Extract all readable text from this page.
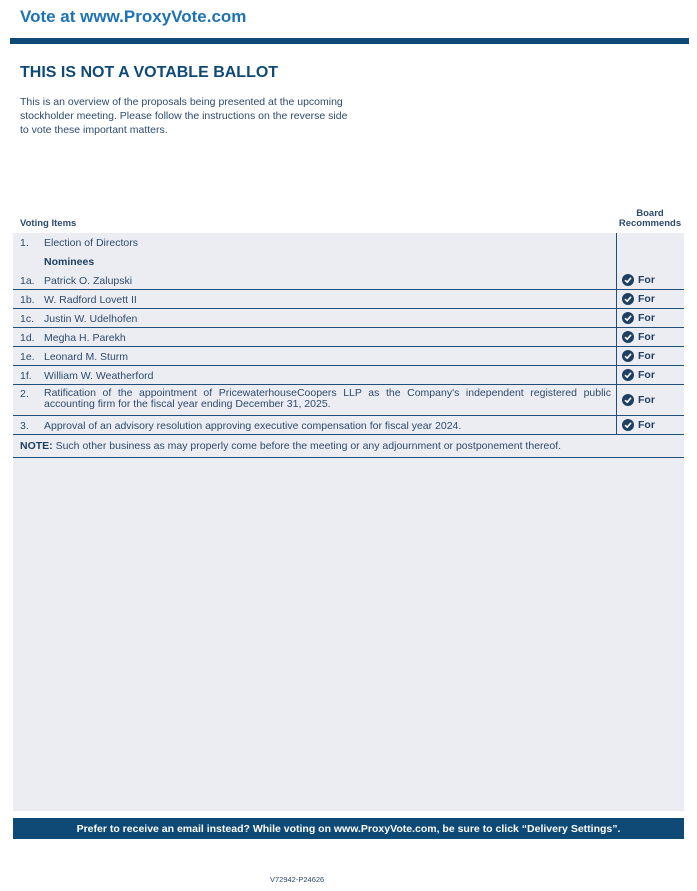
Vote at www.ProxyVote.com
THIS IS NOT A VOTABLE BALLOT
This is an overview of the proposals being presented at the upcoming stockholder meeting. Please follow the instructions on the reverse side to vote these important matters.
Voting Items
Board
Recommends
1.	Election of Directors
Nominees
1a. Patrick O. Zalupski	For
1b. W. Radford Lovett II	For
1c. Justin W. Udelhofen	For
1d. Megha H. Parekh	For
1e. Leonard M. Sturm	For
1f.	William W. Weatherford	For
2.	Ratification of the appointment of PricewaterhouseCoopers LLP as the Company's independent registered public accounting firm for the fiscal year ending December 31, 2025.	For
3.	Approval of an advisory resolution approving executive compensation for fiscal year 2024.	For
NOTE: Such other business as may properly come before the meeting or any adjournment or postponement thereof.
Prefer to receive an email instead? While voting on www.ProxyVote.com, be sure to click “Delivery Settings”.
V72942-P24626
